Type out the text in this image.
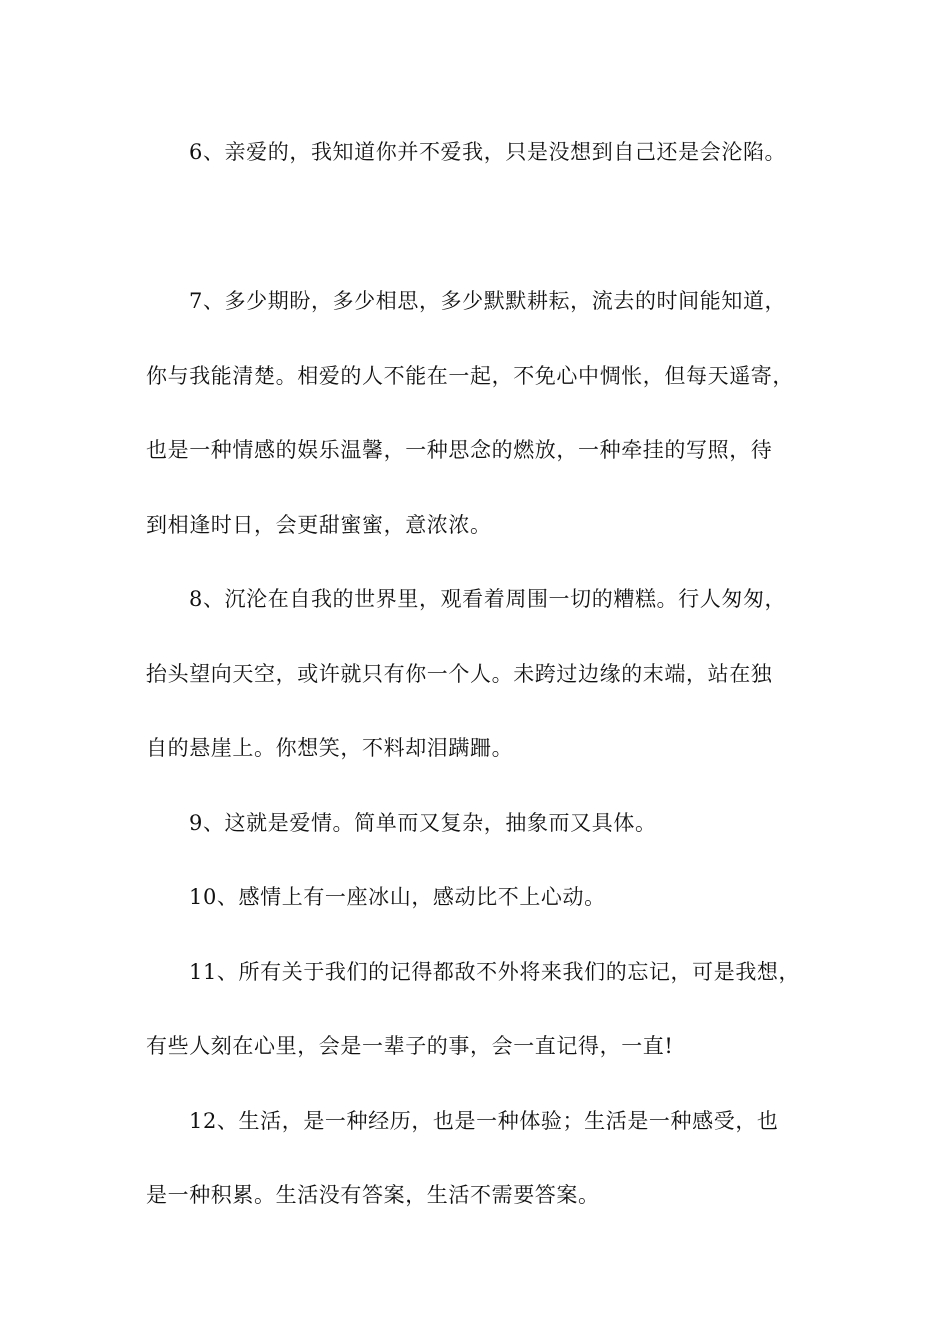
6、亲爱的，我知道你并不爱我，只是没想到自己还是会沦陷。
7、多少期盼，多少相思，多少默默耕耘，流去的时间能知道，
你与我能清楚。相爱的人不能在一起，不免心中惆怅，但每天遥寄，
也是一种情感的娱乐温馨，一种思念的燃放，一种牵挂的写照，待
到相逢时日，会更甜蜜蜜，意浓浓。
8、沉沦在自我的世界里，观看着周围一切的糟糕。行人匆匆，
抬头望向天空，或许就只有你一个人。未跨过边缘的末端，站在独
自的悬崖上。你想笑，不料却泪蹒跚。
9、这就是爱情。简单而又复杂，抽象而又具体。
10、感情上有一座冰山，感动比不上心动。
11、所有关于我们的记得都敌不外将来我们的忘记，可是我想，
有些人刻在心里，会是一辈子的事，会一直记得，一直!
12、生活，是一种经历，也是一种体验；生活是一种感受，也
是一种积累。生活没有答案，生活不需要答案。
